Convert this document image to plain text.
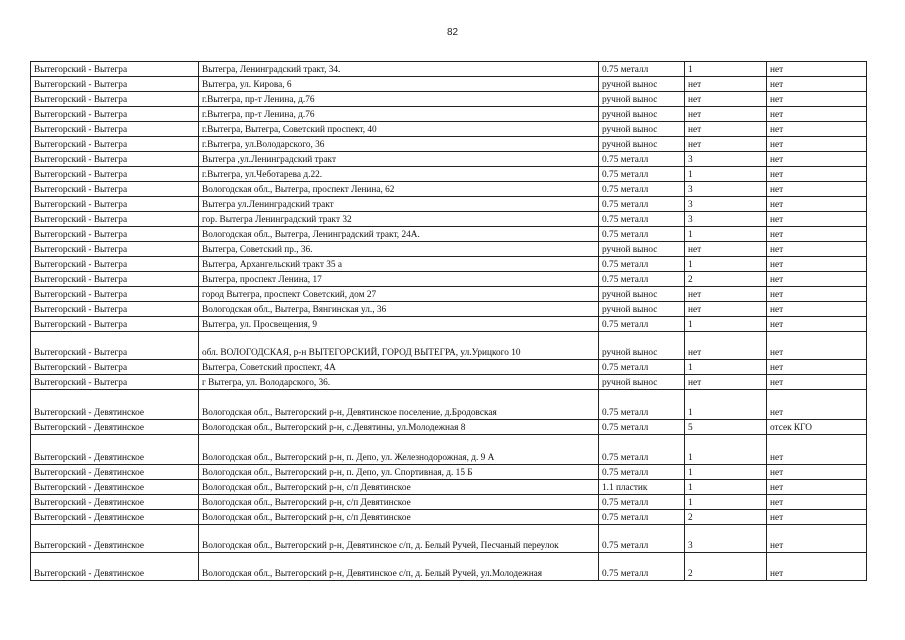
82
Вытегорский - Вытегра	Вытегра, Ленинградский тракт, 34.	0.75 металл	1	нет
Вытегорский - Вытегра	Вытегра, ул. Кирова, 6	ручной вынос	нет	нет
Вытегорский - Вытегра	г.Вытегра, пр-т Ленина, д.76	ручной вынос	нет	нет
Вытегорский - Вытегра	г.Вытегра, пр-т Ленина, д.76	ручной вынос	нет	нет
Вытегорский - Вытегра	г.Вытегра, Вытегра, Советский проспект, 40	ручной вынос	нет	нет
Вытегорский - Вытегра	г.Вытегра, ул.Володарского, 36	ручной вынос	нет	нет
Вытегорский - Вытегра	Вытегра ,ул.Ленинградский тракт	0.75 металл	3	нет
Вытегорский - Вытегра	г.Вытегра, ул.Чеботарева д.22.	0.75 металл	1	нет
Вытегорский - Вытегра	Вологодская обл., Вытегра, проспект Ленина, 62	0.75 металл	3	нет
Вытегорский - Вытегра	Вытегра ул.Ленинградский тракт	0.75 металл	3	нет
Вытегорский - Вытегра	гор. Вытегра Ленинградский тракт 32	0.75 металл	3	нет
Вытегорский - Вытегра	Вологодская обл., Вытегра, Ленинградский тракт, 24А.	0.75 металл	1	нет
Вытегорский - Вытегра	Вытегра, Советский пр., 36.	ручной вынос	нет	нет
Вытегорский - Вытегра	Вытегра, Архангельский тракт 35 а	0.75 металл	1	нет
Вытегорский - Вытегра	Вытегра, проспект Ленина, 17	0.75 металл	2	нет
Вытегорский - Вытегра	город Вытегра, проспект Советский, дом 27	ручной вынос	нет	нет
Вытегорский - Вытегра	Вологодская обл., Вытегра, Вянгинская ул., 36	ручной вынос	нет	нет
Вытегорский - Вытегра	Вытегра, ул. Просвещения, 9	0.75 металл	1	нет
Вытегорский - Вытегра	обл. ВОЛОГОДСКАЯ, р-н ВЫТЕГОРСКИЙ, ГОРОД ВЫТЕГРА, ул.Урицкого 10	ручной вынос	нет	нет
Вытегорский - Вытегра	Вытегра, Советский проспект, 4А	0.75 металл	1	нет
Вытегорский - Вытегра	г Вытегра, ул. Володарского, 36.	ручной вынос	нет	нет
Вытегорский - Девятинское	Вологодская обл., Вытегорский р-н, Девятинское поселение, д.Бродовская	0.75 металл	1	нет
Вытегорский - Девятинское	Вологодская обл., Вытегорский р-н, с.Девятины, ул.Молодежная 8	0.75 металл	5	отсек КГО
Вытегорский - Девятинское	Вологодская обл., Вытегорский р-н, п. Депо, ул. Железнодорожная, д. 9 А	0.75 металл	1	нет
Вытегорский - Девятинское	Вологодская обл., Вытегорский р-н, п. Депо, ул. Спортивная, д. 15 Б	0.75 металл	1	нет
Вытегорский - Девятинское	Вологодская обл., Вытегорский р-н, с/п Девятинское	1.1 пластик	1	нет
Вытегорский - Девятинское	Вологодская обл., Вытегорский р-н, с/п Девятинское	0.75 металл	1	нет
Вытегорский - Девятинское	Вологодская обл., Вытегорский р-н, с/п Девятинское	0.75 металл	2	нет
Вытегорский - Девятинское	Вологодская обл., Вытегорский р-н, Девятинское с/п, д. Белый Ручей, Песчаный переулок	0.75 металл	3	нет
Вытегорский - Девятинское	Вологодская обл., Вытегорский р-н, Девятинское с/п, д. Белый Ручей, ул.Молодежная	0.75 металл	2	нет
